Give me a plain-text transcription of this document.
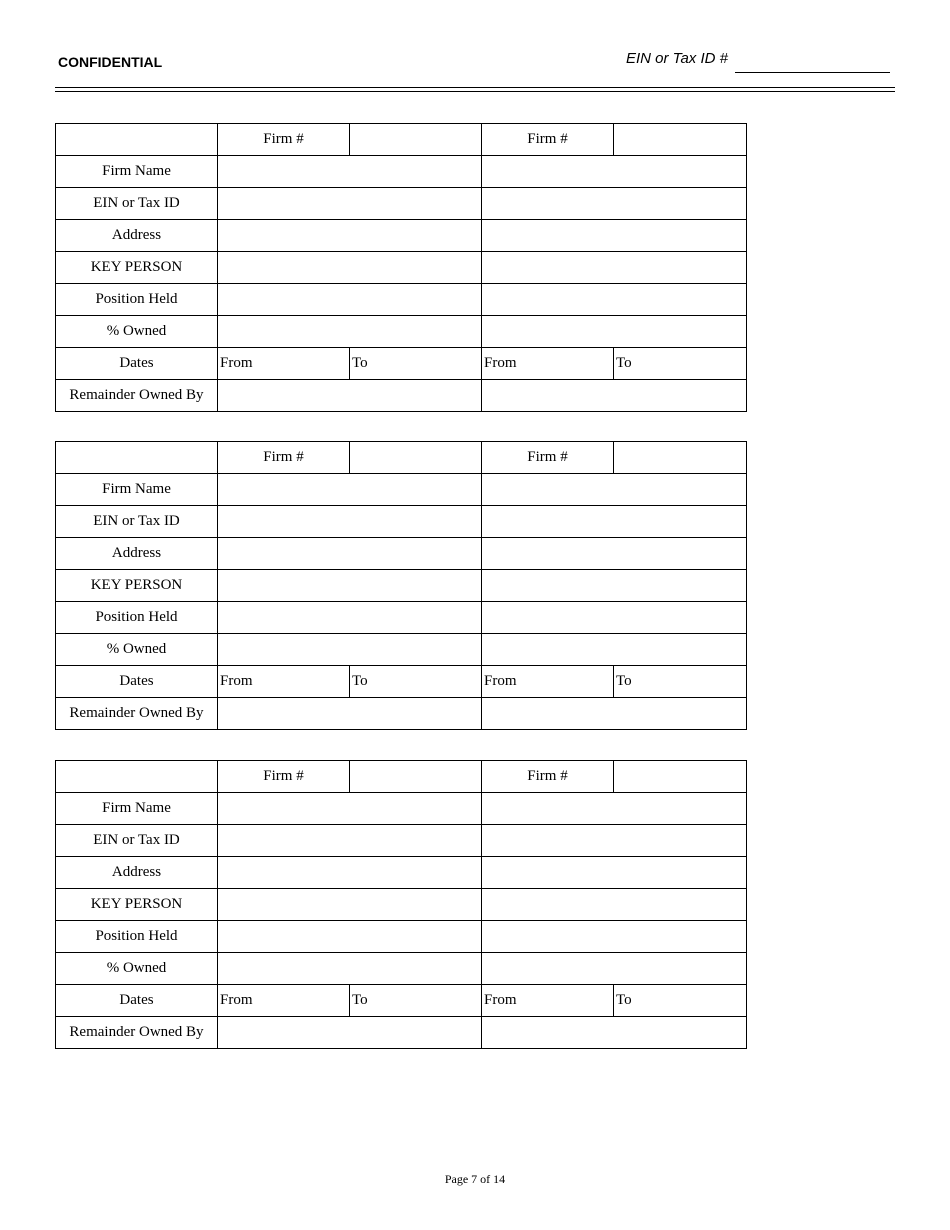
CONFIDENTIAL	EIN or Tax ID #
	Firm #		Firm #	
Firm Name				
EIN or Tax ID				
Address				
KEY PERSON				
Position Held				
% Owned				
Dates	From	To	From	To
Remainder Owned By				
	Firm #		Firm #	
Firm Name				
EIN or Tax ID				
Address				
KEY PERSON				
Position Held				
% Owned				
Dates	From	To	From	To
Remainder Owned By				
	Firm #		Firm #	
Firm Name				
EIN or Tax ID				
Address				
KEY PERSON				
Position Held				
% Owned				
Dates	From	To	From	To
Remainder Owned By				
Page 7 of 14
